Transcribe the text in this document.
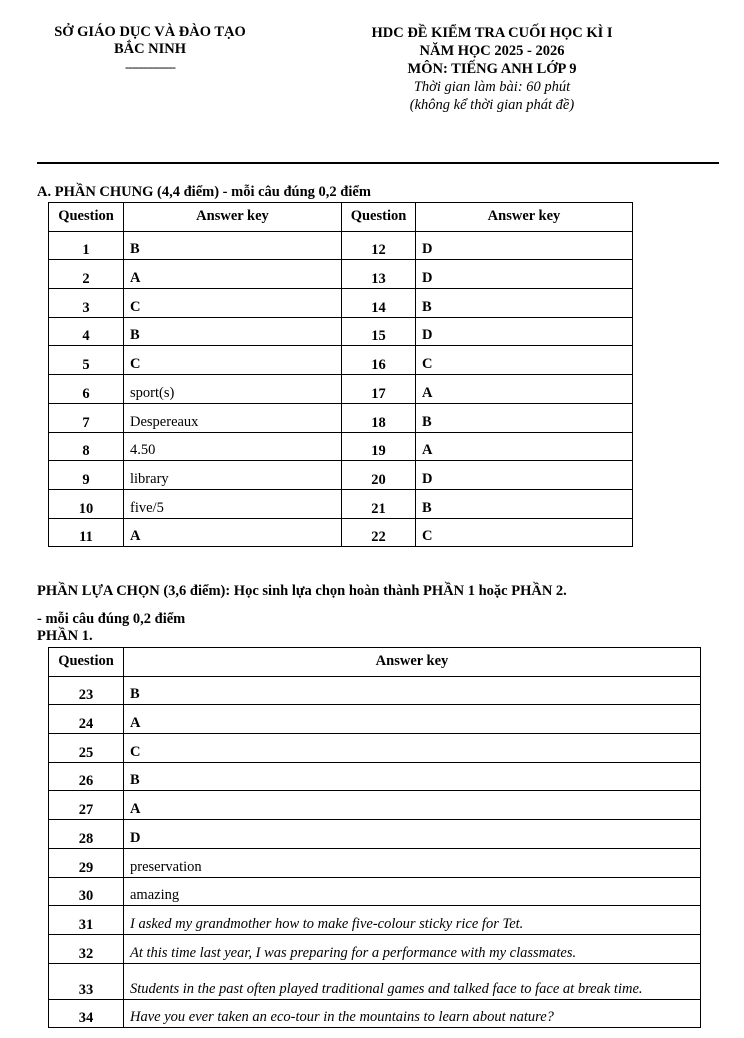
SỞ GIÁO DỤC VÀ ĐÀO TẠO
BẮC NINH
---------------
HDC ĐỀ KIỂM TRA CUỐI HỌC KÌ I
NĂM HỌC 2025 - 2026
MÔN: TIẾNG ANH LỚP 9
Thời gian làm bài: 60 phút
(không kể thời gian phát đề)
A. PHẦN CHUNG (4,4 điểm) - mỗi câu đúng 0,2 điểm
Question	Answer key	Question	Answer key
1	B	12	D
2	A	13	D
3	C	14	B
4	B	15	D
5	C	16	C
6	sport(s)	17	A
7	Despereaux	18	B
8	4.50	19	A
9	library	20	D
10	five/5	21	B
11	A	22	C
PHẦN LỰA CHỌN (3,6 điểm): Học sinh lựa chọn hoàn thành PHẦN 1 hoặc PHẦN 2.
- mỗi câu đúng 0,2 điểm
PHẦN 1.
Question	Answer key
23	B
24	A
25	C
26	B
27	A
28	D
29	preservation
30	amazing
31	I asked my grandmother how to make five-colour sticky rice for Tet.
32	At this time last year, I was preparing for a performance with my classmates.
33	Students in the past often played traditional games and talked face to face at break time.
34	Have you ever taken an eco-tour in the mountains to learn about nature?
